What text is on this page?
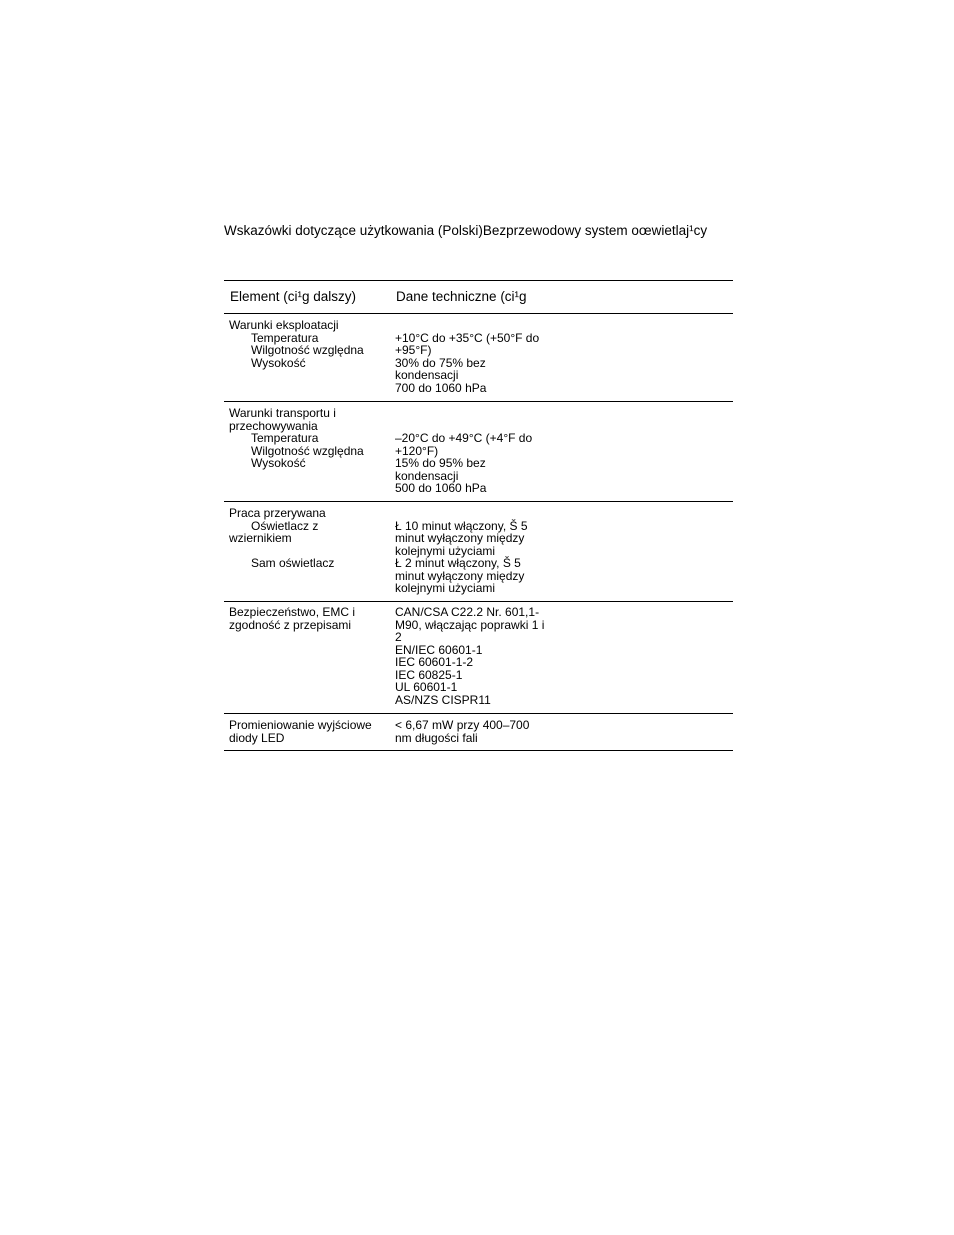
Wskazówki dotyczące użytkowania (Polski)Bezprzewodowy system oœwietlaj¹cy
Element (ci¹g dalszy)	Dane techniczne (ci¹g
Warunki eksploatacji
Temperatura
Wilgotność względna
Wysokość
+10°C do +35°C (+50°F do
+95°F)
30% do 75% bez
kondensacji
700 do 1060 hPa
Warunki transportu i
przechowywania
Temperatura
Wilgotność względna
Wysokość
–20°C do +49°C (+4°F do
+120°F)
15% do 95% bez
kondensacji
500 do 1060 hPa
Praca przerywana
Oświetlacz z
wziernikiem
Sam oświetlacz
Ł 10 minut włączony, Š 5
minut wyłączony między
kolejnymi użyciami
Ł 2 minut włączony, Š 5
minut wyłączony między
kolejnymi użyciami
Bezpieczeństwo, EMC i
zgodność z przepisami
CAN/CSA C22.2 Nr. 601,1-
M90, włączając poprawki 1 i
2
EN/IEC 60601-1
IEC 60601-1-2
IEC 60825-1
UL 60601-1
AS/NZS CISPR11
Promieniowanie wyjściowe
diody LED
< 6,67 mW przy 400–700
nm długości fali
